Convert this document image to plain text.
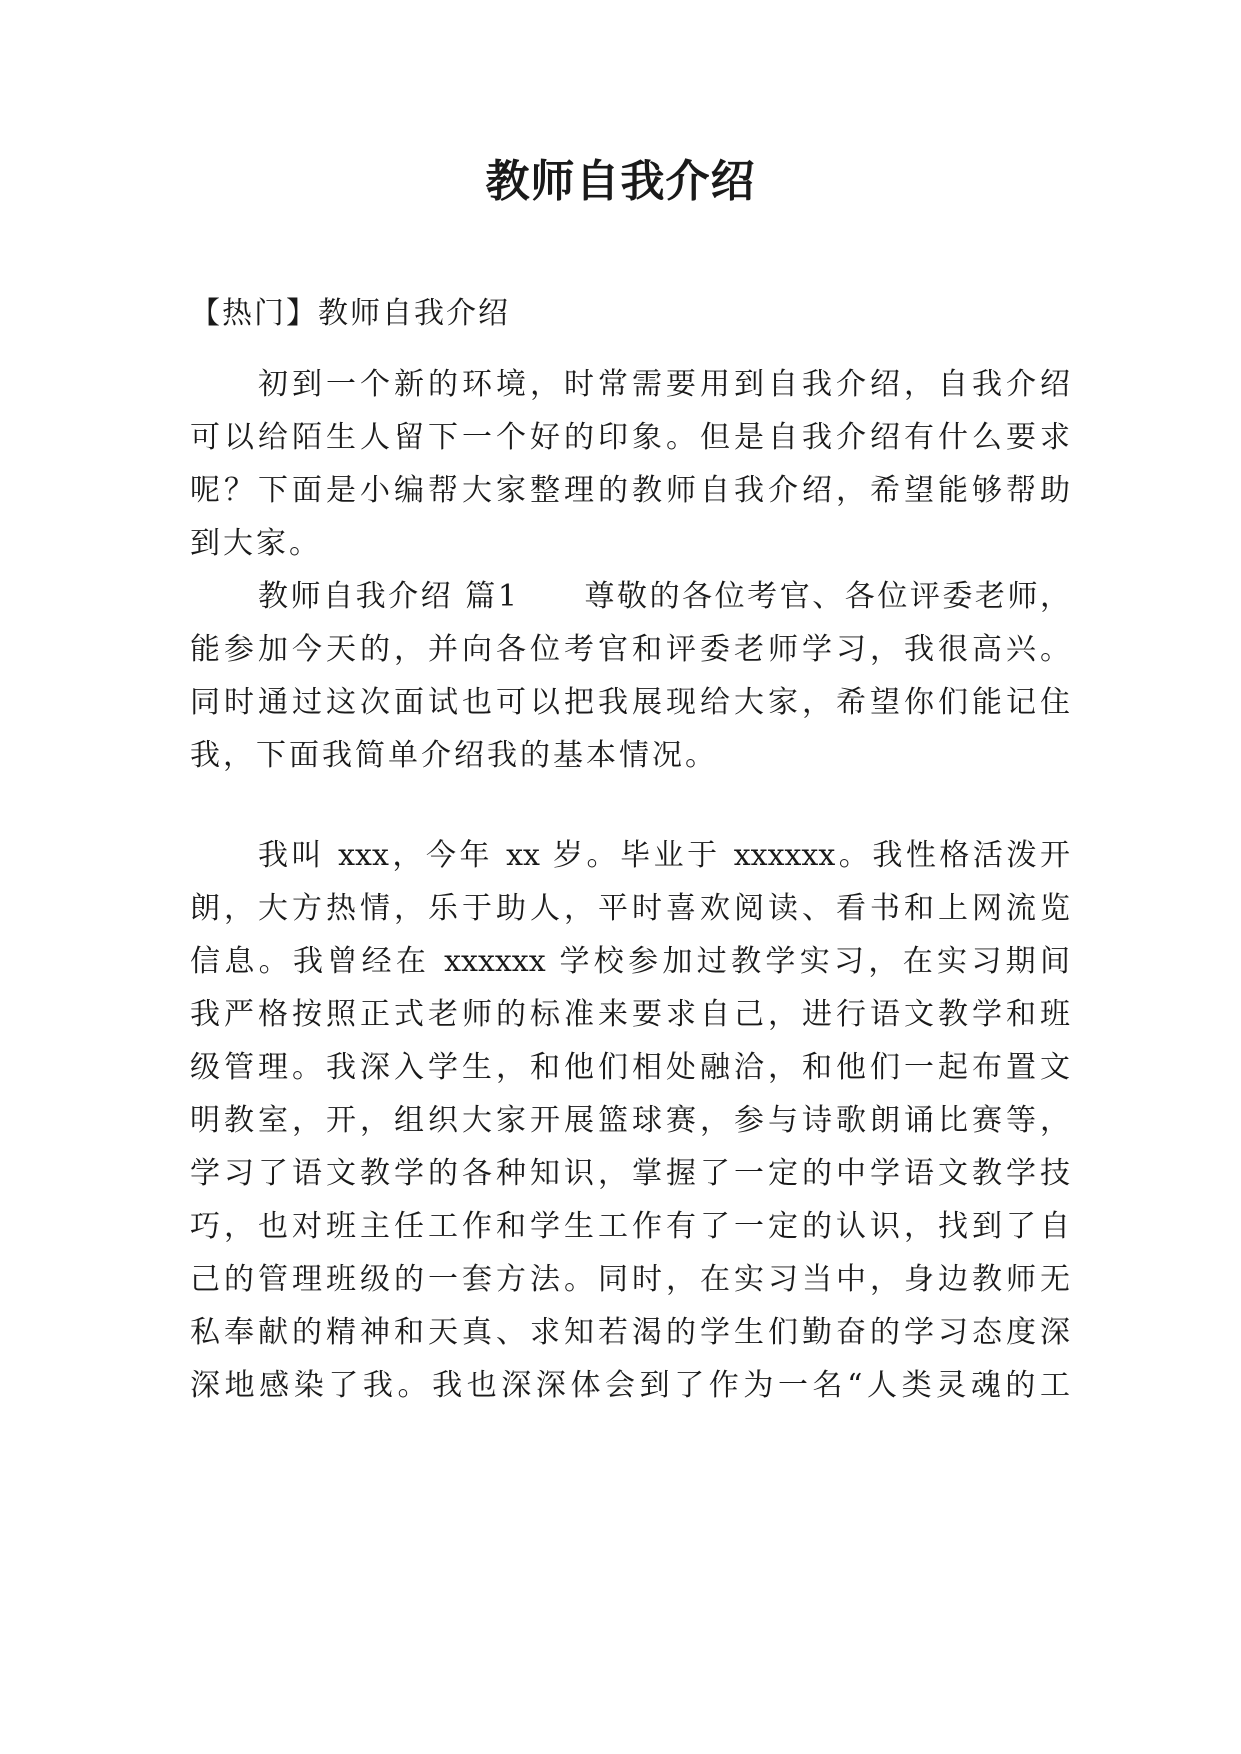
教师自我介绍

【热门】教师自我介绍

初到一个新的环境，时常需要用到自我介绍，自我介绍

可以给陌生人留下一个好的印象。但是自我介绍有什么要求

呢？下面是小编帮大家整理的教师自我介绍，希望能够帮助

到大家。

教师自我介绍 篇1　　尊敬的各位考官、各位评委老师，

能参加今天的，并向各位考官和评委老师学习，我很高兴。

同时通过这次面试也可以把我展现给大家，希望你们能记住

我，下面我简单介绍我的基本情况。

我叫 xxx，今年 xx 岁。毕业于 xxxxxx。我性格活泼开

朗，大方热情，乐于助人，平时喜欢阅读、看书和上网流览

信息。我曾经在 xxxxxx 学校参加过教学实习，在实习期间

我严格按照正式老师的标准来要求自己，进行语文教学和班

级管理。我深入学生，和他们相处融洽，和他们一起布置文

明教室，开，组织大家开展篮球赛，参与诗歌朗诵比赛等，

学习了语文教学的各种知识，掌握了一定的中学语文教学技

巧，也对班主任工作和学生工作有了一定的认识，找到了自

己的管理班级的一套方法。同时，在实习当中，身边教师无

私奉献的精神和天真、求知若渴的学生们勤奋的学习态度深

深地感染了我。我也深深体会到了作为一名“人类灵魂的工
